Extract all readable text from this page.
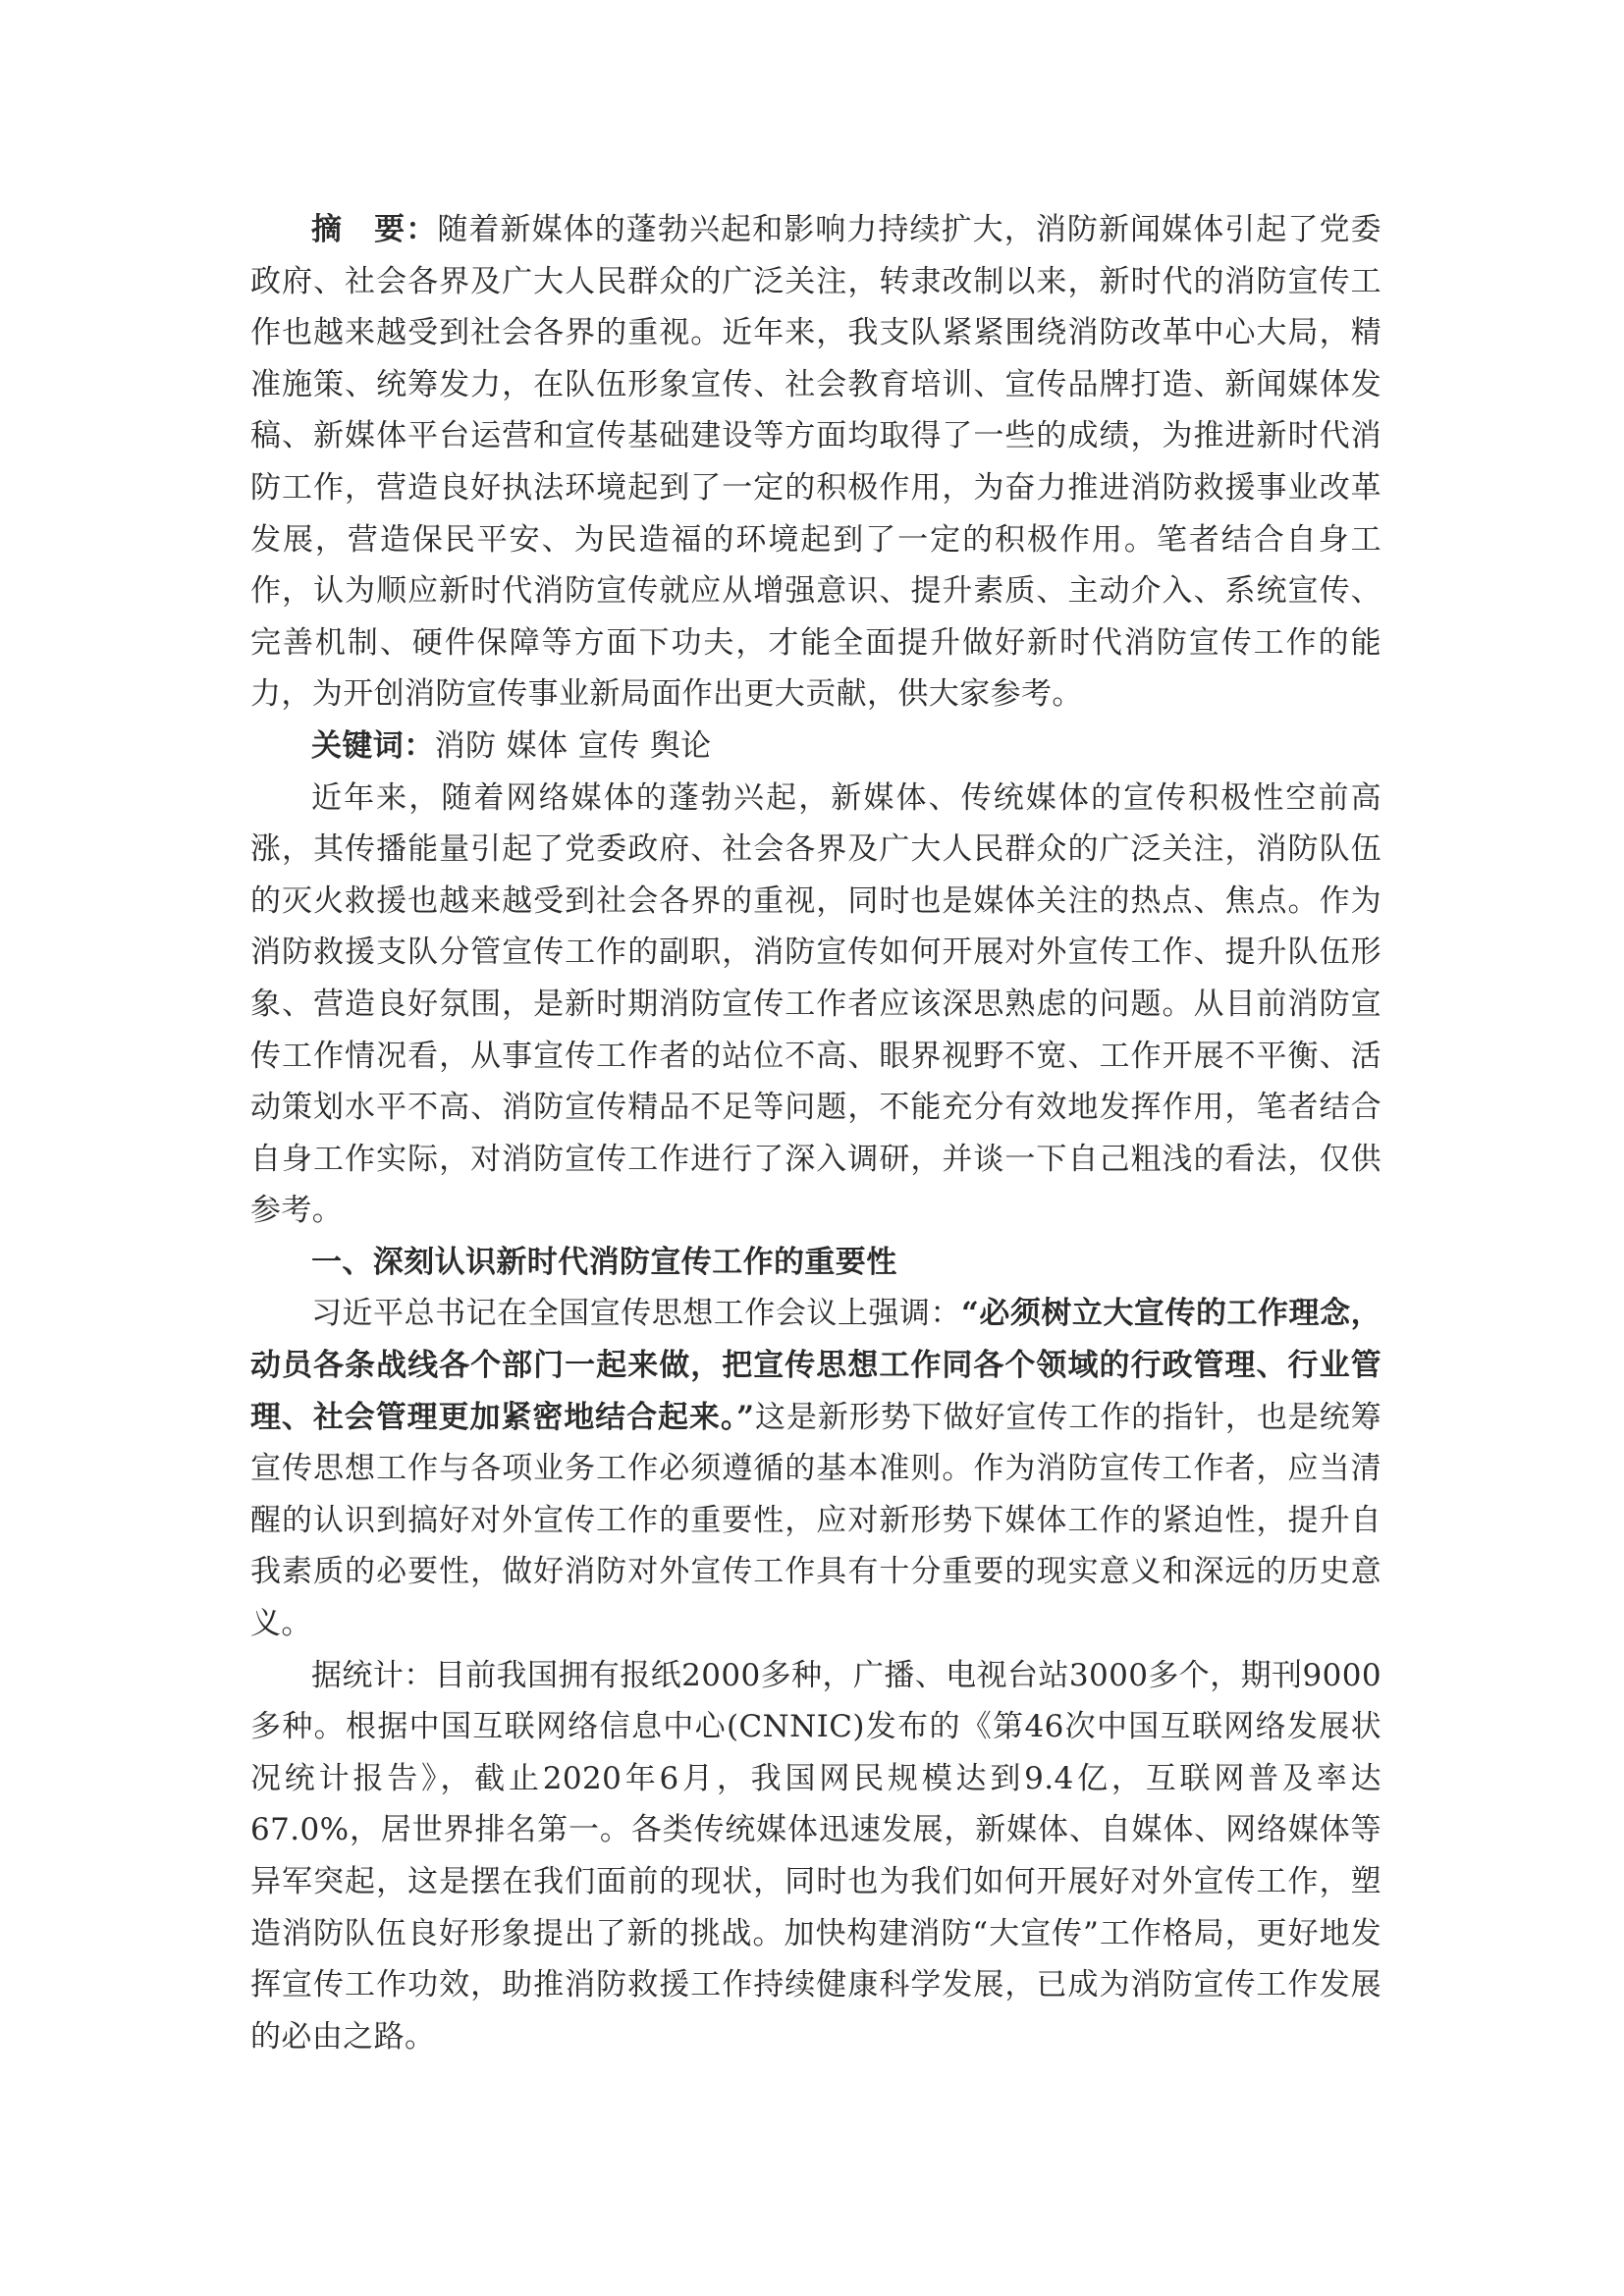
摘　要：随着新媒体的蓬勃兴起和影响力持续扩大，消防新闻媒体引起了党委政府、社会各界及广大人民群众的广泛关注，转隶改制以来，新时代的消防宣传工作也越来越受到社会各界的重视。近年来，我支队紧紧围绕消防改革中心大局，精准施策、统筹发力，在队伍形象宣传、社会教育培训、宣传品牌打造、新闻媒体发稿、新媒体平台运营和宣传基础建设等方面均取得了一些的成绩，为推进新时代消防工作，营造良好执法环境起到了一定的积极作用，为奋力推进消防救援事业改革发展，营造保民平安、为民造福的环境起到了一定的积极作用。笔者结合自身工作，认为顺应新时代消防宣传就应从增强意识、提升素质、主动介入、系统宣传、完善机制、硬件保障等方面下功夫，才能全面提升做好新时代消防宣传工作的能力，为开创消防宣传事业新局面作出更大贡献，供大家参考。

关键词：消防 媒体 宣传 舆论

近年来，随着网络媒体的蓬勃兴起，新媒体、传统媒体的宣传积极性空前高涨，其传播能量引起了党委政府、社会各界及广大人民群众的广泛关注，消防队伍的灭火救援也越来越受到社会各界的重视，同时也是媒体关注的热点、焦点。作为消防救援支队分管宣传工作的副职，消防宣传如何开展对外宣传工作、提升队伍形象、营造良好氛围，是新时期消防宣传工作者应该深思熟虑的问题。从目前消防宣传工作情况看，从事宣传工作者的站位不高、眼界视野不宽、工作开展不平衡、活动策划水平不高、消防宣传精品不足等问题，不能充分有效地发挥作用，笔者结合自身工作实际，对消防宣传工作进行了深入调研，并谈一下自己粗浅的看法，仅供参考。

一、深刻认识新时代消防宣传工作的重要性

习近平总书记在全国宣传思想工作会议上强调：“必须树立大宣传的工作理念，动员各条战线各个部门一起来做，把宣传思想工作同各个领域的行政管理、行业管理、社会管理更加紧密地结合起来。”这是新形势下做好宣传工作的指针，也是统筹宣传思想工作与各项业务工作必须遵循的基本准则。作为消防宣传工作者，应当清醒的认识到搞好对外宣传工作的重要性，应对新形势下媒体工作的紧迫性，提升自我素质的必要性，做好消防对外宣传工作具有十分重要的现实意义和深远的历史意义。

据统计：目前我国拥有报纸2000多种，广播、电视台站3000多个，期刊9000多种。根据中国互联网络信息中心(CNNIC)发布的《第46次中国互联网络发展状况统计报告》，截止2020年6月，我国网民规模达到9.4亿，互联网普及率达67.0%，居世界排名第一。各类传统媒体迅速发展，新媒体、自媒体、网络媒体等异军突起，这是摆在我们面前的现状，同时也为我们如何开展好对外宣传工作，塑造消防队伍良好形象提出了新的挑战。加快构建消防“大宣传”工作格局，更好地发挥宣传工作功效，助推消防救援工作持续健康科学发展，已成为消防宣传工作发展的必由之路。
